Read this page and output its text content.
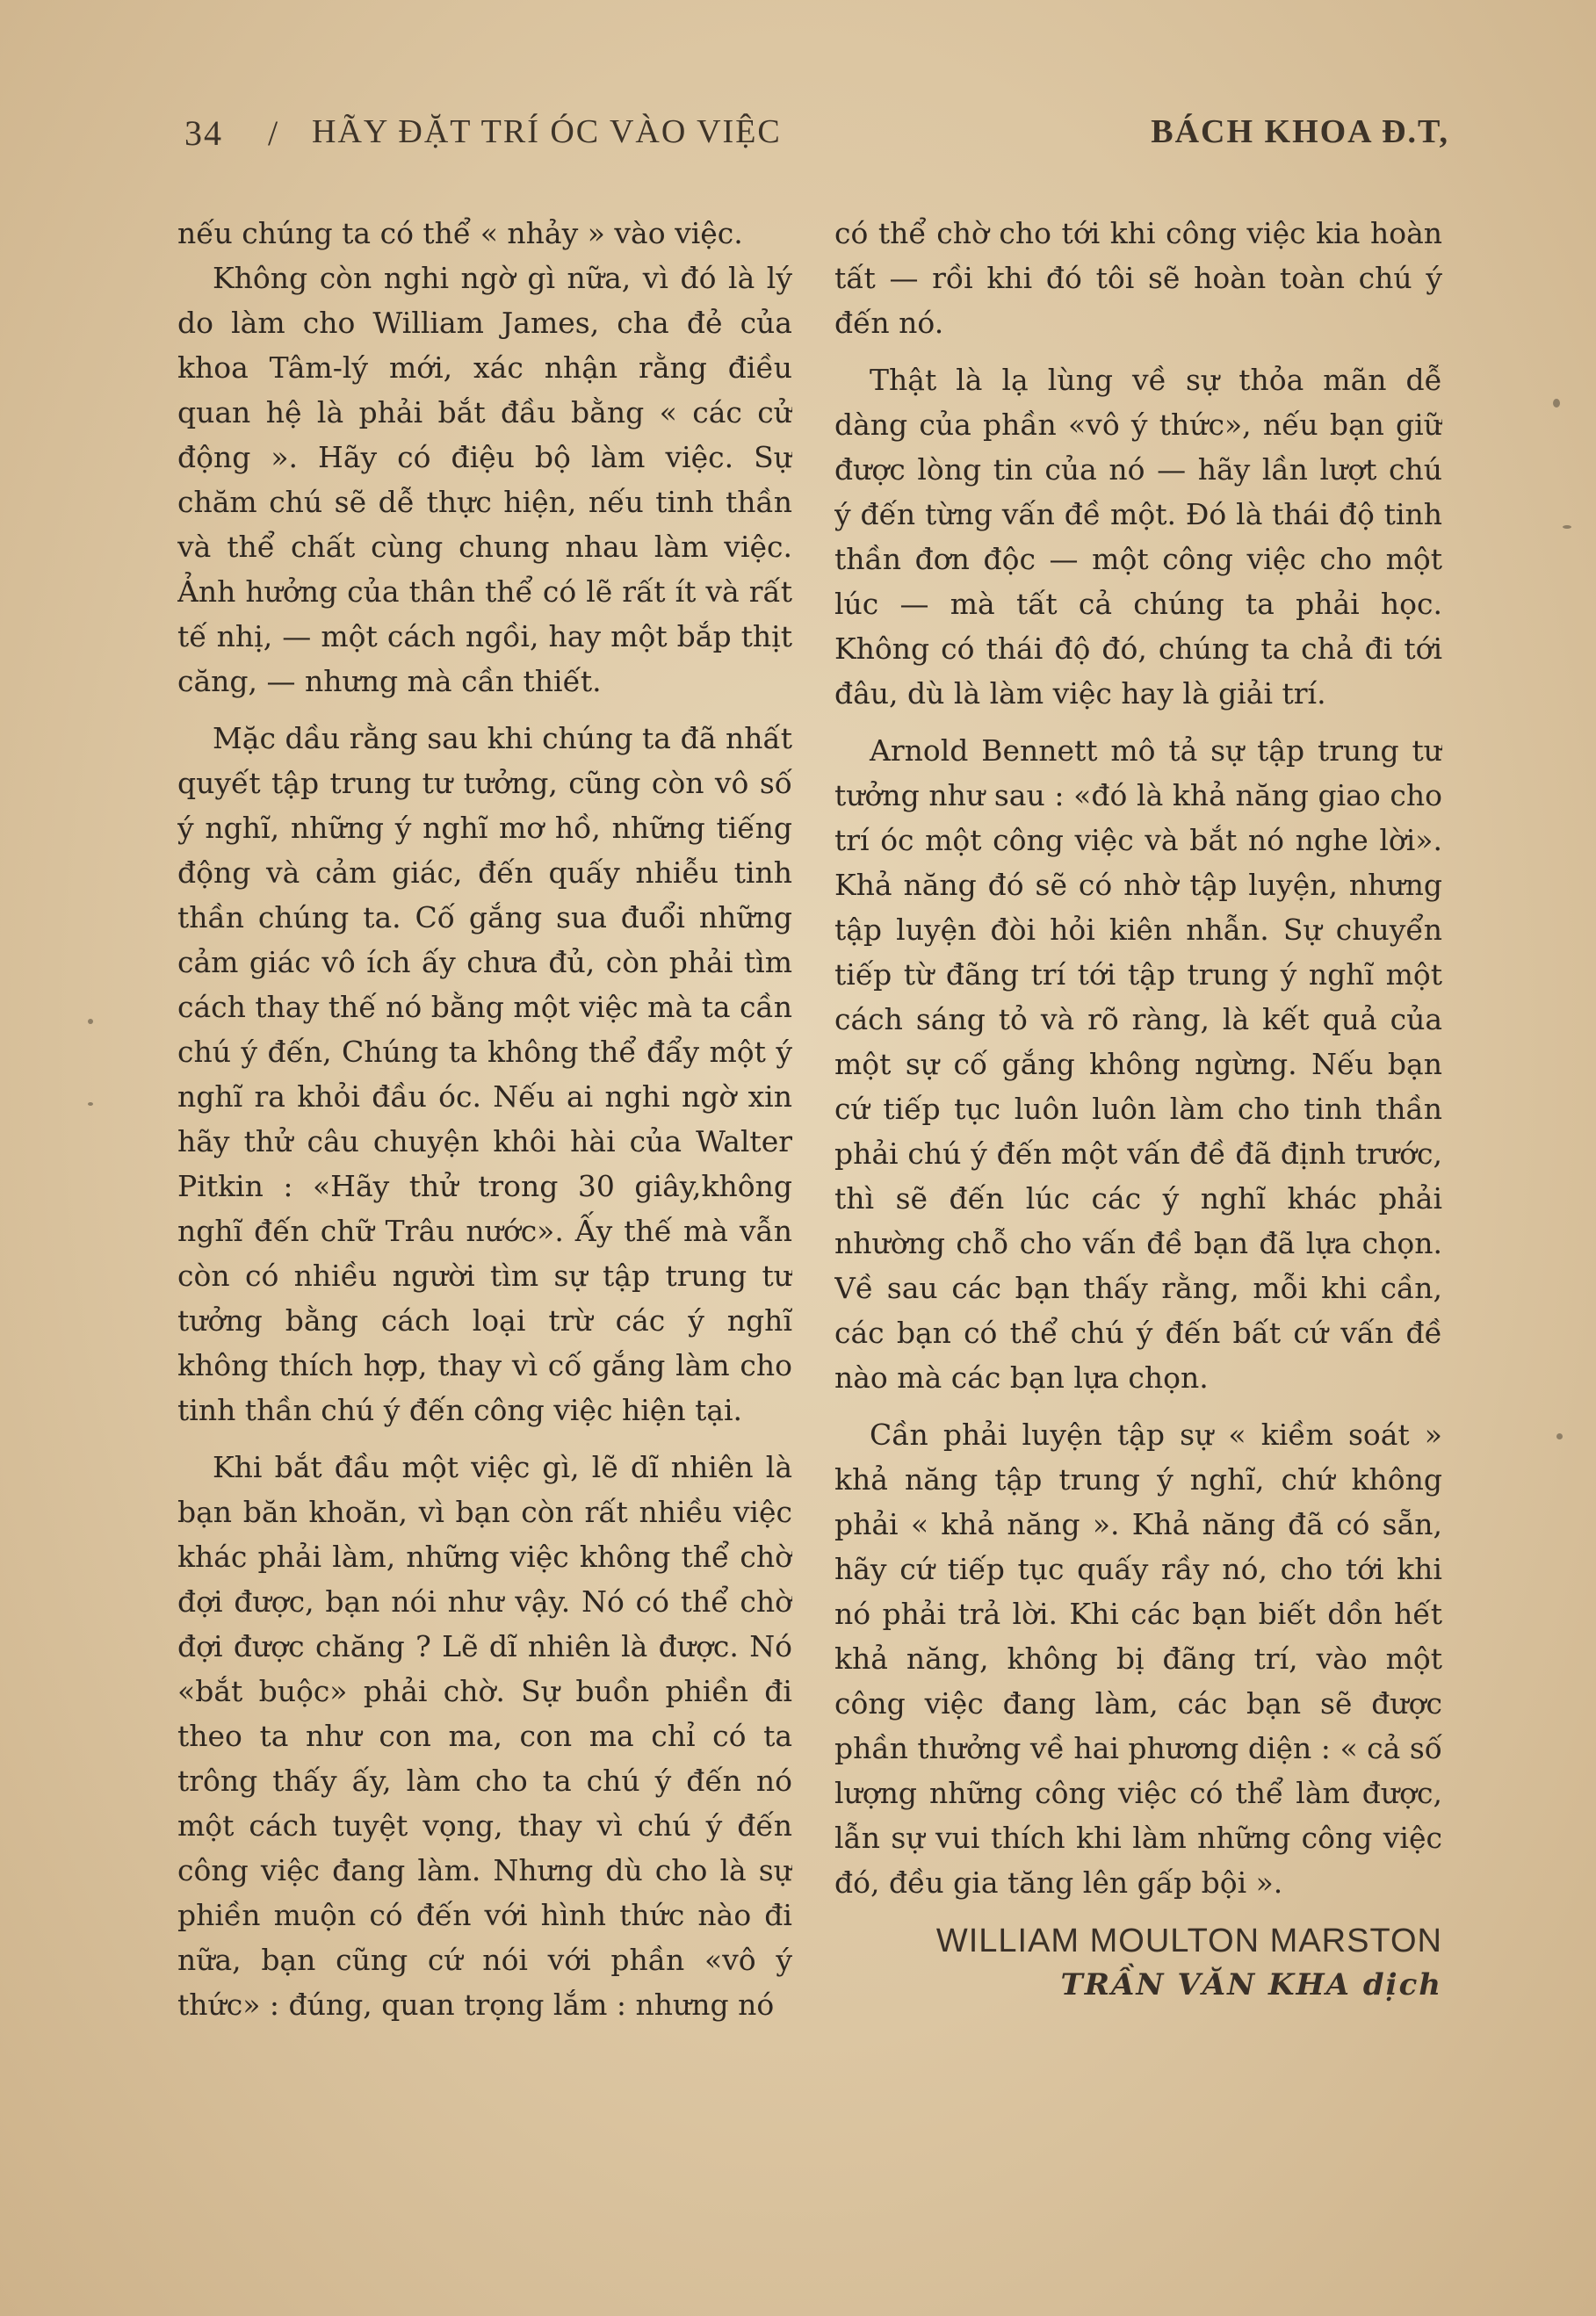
34 / HÃY ĐẶT TRÍ ÓC VÀO VIỆC	BÁCH KHOA Đ.T,

nếu chúng ta có thể « nhảy » vào việc.

Không còn nghi ngờ gì nữa, vì đó là lý do làm cho William James, cha đẻ của khoa Tâm-lý mới, xác nhận rằng điều quan hệ là phải bắt đầu bằng « các cử động ». Hãy có điệu bộ làm việc. Sự chăm chú sẽ dễ thực hiện, nếu tinh thần và thể chất cùng chung nhau làm việc. Ảnh hưởng của thân thể có lẽ rất ít và rất tế nhị, — một cách ngồi, hay một bắp thịt căng, — nhưng mà cần thiết.

Mặc dầu rằng sau khi chúng ta đã nhất quyết tập trung tư tưởng, cũng còn vô số ý nghĩ, những ý nghĩ mơ hồ, những tiếng động và cảm giác, đến quấy nhiễu tinh thần chúng ta. Cố gắng sua đuổi những cảm giác vô ích ấy chưa đủ, còn phải tìm cách thay thế nó bằng một việc mà ta cần chú ý đến, Chúng ta không thể đẩy một ý nghĩ ra khỏi đầu óc. Nếu ai nghi ngờ xin hãy thử câu chuyện khôi hài của Walter Pitkin : «Hãy thử trong 30 giây,không nghĩ đến chữ Trâu nước». Ấy thế mà vẫn còn có nhiều người tìm sự tập trung tư tưởng bằng cách loại trừ các ý nghĩ không thích hợp, thay vì cố gắng làm cho tinh thần chú ý đến công việc hiện tại.

Khi bắt đầu một việc gì, lẽ dĩ nhiên là bạn băn khoăn, vì bạn còn rất nhiều việc khác phải làm, những việc không thể chờ đợi được, bạn nói như vậy. Nó có thể chờ đợi được chăng ? Lẽ dĩ nhiên là được. Nó «bắt buộc» phải chờ. Sự buồn phiền đi theo ta như con ma, con ma chỉ có ta trông thấy ấy, làm cho ta chú ý đến nó một cách tuyệt vọng, thay vì chú ý đến công việc đang làm. Nhưng dù cho là sự phiền muộn có đến với hình thức nào đi nữa, bạn cũng cứ nói với phần «vô ý thức» : đúng, quan trọng lắm : nhưng nó

có thể chờ cho tới khi công việc kia hoàn tất — rồi khi đó tôi sẽ hoàn toàn chú ý đến nó.

Thật là lạ lùng về sự thỏa mãn dễ dàng của phần «vô ý thức», nếu bạn giữ được lòng tin của nó — hãy lần lượt chú ý đến từng vấn đề một. Đó là thái độ tinh thần đơn độc — một công việc cho một lúc — mà tất cả chúng ta phải học. Không có thái độ đó, chúng ta chả đi tới đâu, dù là làm việc hay là giải trí.

Arnold Bennett mô tả sự tập trung tư tưởng như sau : «đó là khả năng giao cho trí óc một công việc và bắt nó nghe lời». Khả năng đó sẽ có nhờ tập luyện, nhưng tập luyện đòi hỏi kiên nhẫn. Sự chuyển tiếp từ đãng trí tới tập trung ý nghĩ một cách sáng tỏ và rõ ràng, là kết quả của một sự cố gắng không ngừng. Nếu bạn cứ tiếp tục luôn luôn làm cho tinh thần phải chú ý đến một vấn đề đã định trước, thì sẽ đến lúc các ý nghĩ khác phải nhường chỗ cho vấn đề bạn đã lựa chọn. Về sau các bạn thấy rằng, mỗi khi cần, các bạn có thể chú ý đến bất cứ vấn đề nào mà các bạn lựa chọn.

Cần phải luyện tập sự « kiềm soát » khả năng tập trung ý nghĩ, chứ không phải « khả năng ». Khả năng đã có sẵn, hãy cứ tiếp tục quấy rầy nó, cho tới khi nó phải trả lời. Khi các bạn biết dồn hết khả năng, không bị đãng trí, vào một công việc đang làm, các bạn sẽ được phần thưởng về hai phương diện : « cả số lượng những công việc có thể làm được, lẫn sự vui thích khi làm những công việc đó, đều gia tăng lên gấp bội ».

WILLIAM MOULTON MARSTON
TRẦN VĂN KHA dịch
